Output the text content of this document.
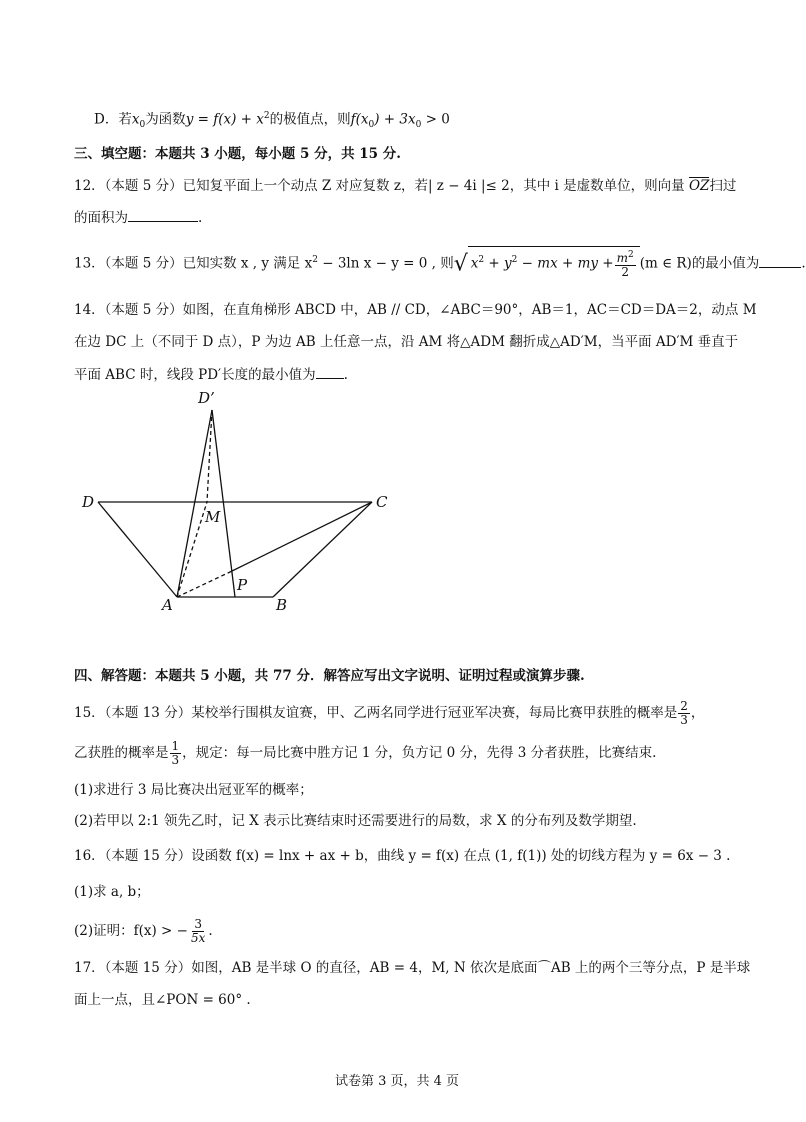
D．若$x_0$为函数$y = f(x) + x^2$的极值点，则$f(x_0) + 3x_0 > 0$
三、填空题：本题共 3 小题，每小题 5 分，共 15 分.
12．（本题 5 分）已知复平面上一个动点 Z 对应复数 z，若| z − 4i |≤ 2，其中 i 是虚数单位，则向量 OZ扫过
的面积为	.
13．（本题 5 分）已知实数 x , y 满足 $x^2 - 3\ln$ x − y = 0 , 则√ $x^2 + y^2$ − mx + my + $\frac{m^2}{2} (m$ ∈ R)的最小值为	.
14．（本题 5 分）如图，在直角梯形 ABCD 中，AB // CD，∠ABC＝90°，AB＝1，AC＝CD＝DA＝2，动点 M
在边 DC 上（不同于 D 点），P 为边 AB 上任意一点，沿 AM 将△ADM 翻折成△AD′M，当平面 AD′M 垂直于
平面 ABC 时，线段 PD′长度的最小值为 .
D’
D
M
C
P
A	B
四、解答题：本题共 5 小题，共 77 分．解答应写出文字说明、证明过程或演算步骤.
15．（本题 13 分）某校举行围棋友谊赛，甲、乙两名同学进行冠亚军决赛，每局比赛甲获胜的概率是 $\frac{2}{3}$ ，
乙获胜的概率是 $\frac{1}{3}$ ，规定：每一局比赛中胜方记 1 分，负方记 0 分，先得 3 分者获胜，比赛结束.
(1)求进行 3 局比赛决出冠亚军的概率；
(2)若甲以 2:1 领先乙时，记 X 表示比赛结束时还需要进行的局数，求 X 的分布列及数学期望.
16．（本题 15 分）设函数 f(x) = lnx + ax + b，曲线 y = f(x) 在点 (1, f(1)) 处的切线方程为 y = 6x − 3 .
(1)求 a, b；
(2)证明：f(x) > − $\frac{3}{5x}$ .
17．（本题 15 分）如图，AB 是半球 O 的直径，AB = 4，M, N 依次是底面⌒AB 上的两个三等分点，P 是半球
面上一点，且∠PON = 60° .
试卷第 3 页，共 4 页
